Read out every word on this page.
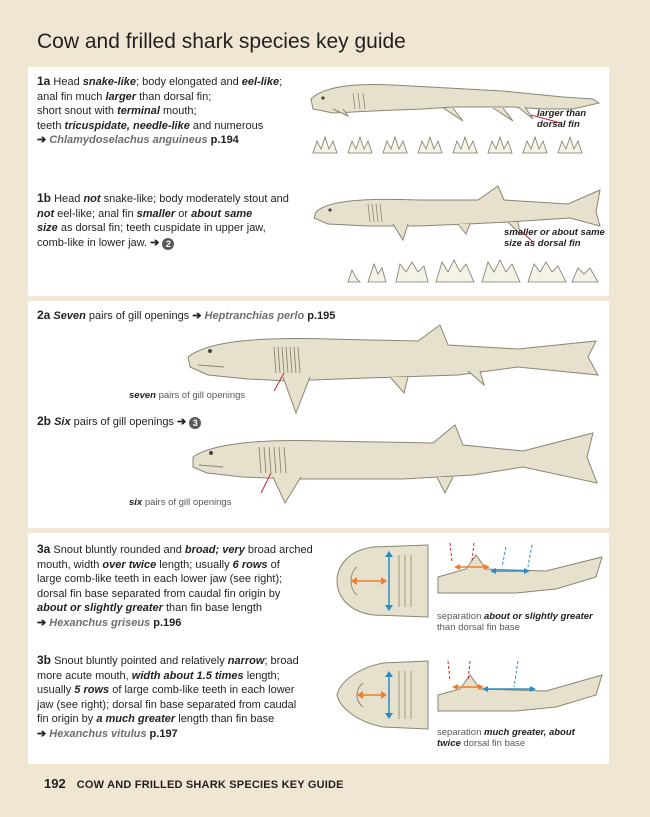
Cow and frilled shark species key guide
1a Head snake-like; body elongated and eel-like;
anal fin much larger than dorsal fin;
short snout with terminal mouth;
teeth tricuspidate, needle-like and numerous
➔ Chlamydoselachus anguineus p.194
larger than
dorsal fin
1b Head not snake-like; body moderately stout and
not eel-like; anal fin smaller or about same
size as dorsal fin; teeth cuspidate in upper jaw,
comb-like in lower jaw. ➔ 2
smaller or about same
size as dorsal fin
2a Seven pairs of gill openings ➔ Heptranchias perlo p.195
seven pairs of gill openings
2b Six pairs of gill openings ➔ 3
six pairs of gill openings
3a Snout bluntly rounded and broad; very broad arched
mouth, width over twice length; usually 6 rows of
large comb-like teeth in each lower jaw (see right);
dorsal fin base separated from caudal fin origin by
about or slightly greater than fin base length
➔ Hexanchus griseus p.196	separation about or slightly greater
than dorsal fin base
3b Snout bluntly pointed and relatively narrow; broad
more acute mouth, width about 1.5 times length;
usually 5 rows of large comb-like teeth in each lower
jaw (see right); dorsal fin base separated from caudal
fin origin by a much greater length than fin base
➔ Hexanchus vitulus p.197	separation much greater, about
twice dorsal fin base
192 COW AND FRILLED SHARK SPECIES KEY GUIDE
